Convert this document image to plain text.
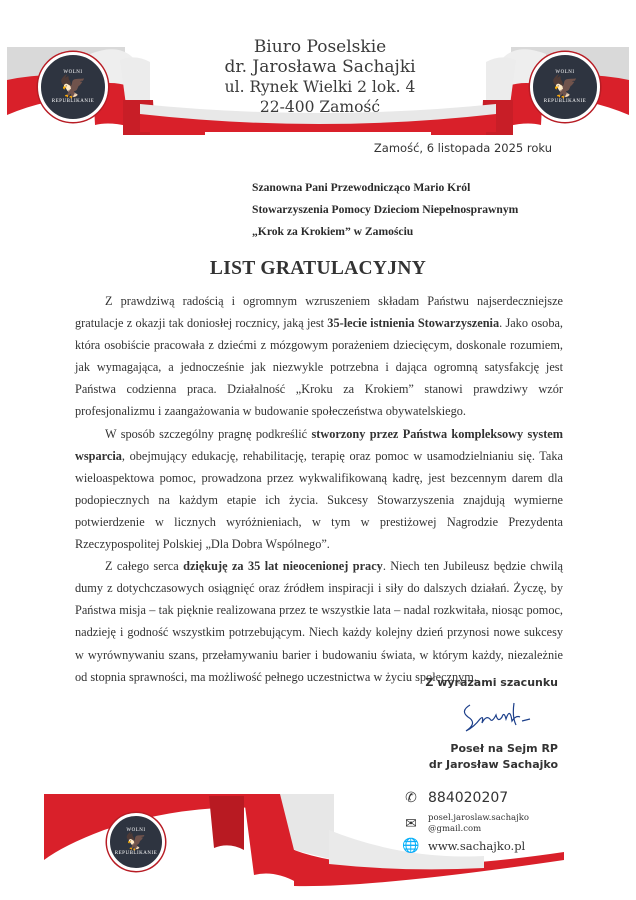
WOLNI
🦅
REPUBLIKANIE
WOLNI
🦅
REPUBLIKANIE
Biuro Poselskie
dr. Jarosława Sachajki
ul. Rynek Wielki 2 lok. 4
22-400 Zamość
Zamość, 6 listopada 2025 roku
Szanowna Pani Przewodnicząco Mario Król
Stowarzyszenia Pomocy Dzieciom Niepełnosprawnym
„Krok za Krokiem” w Zamościu
LIST GRATULACYJNY

Z prawdziwą radością i ogromnym wzruszeniem składam Państwu najserdeczniejsze gratulacje z okazji tak doniosłej rocznicy, jaką jest 35-lecie istnienia Stowarzyszenia. Jako osoba, która osobiście pracowała z dziećmi z mózgowym porażeniem dziecięcym, doskonale rozumiem, jak wymagająca, a jednocześnie jak niezwykle potrzebna i dająca ogromną satysfakcję jest Państwa codzienna praca. Działalność „Kroku za Krokiem” stanowi prawdziwy wzór profesjonalizmu i zaangażowania w budowanie społeczeństwa obywatelskiego.

W sposób szczególny pragnę podkreślić stworzony przez Państwa kompleksowy system wsparcia, obejmujący edukację, rehabilitację, terapię oraz pomoc w usamodzielnianiu się. Taka wieloaspektowa pomoc, prowadzona przez wykwalifikowaną kadrę, jest bezcennym darem dla podopiecznych na każdym etapie ich życia. Sukcesy Stowarzyszenia znajdują wymierne potwierdzenie w licznych wyróżnieniach, w tym w prestiżowej Nagrodzie Prezydenta Rzeczypospolitej Polskiej „Dla Dobra Wspólnego”.

Z całego serca dziękuję za 35 lat nieocenionej pracy. Niech ten Jubileusz będzie chwilą dumy z dotychczasowych osiągnięć oraz źródłem inspiracji i siły do dalszych działań. Życzę, by Państwa misja – tak pięknie realizowana przez te wszystkie lata – nadal rozkwitała, niosąc pomoc, nadzieję i godność wszystkim potrzebującym. Niech każdy kolejny dzień przynosi nowe sukcesy w wyrównywaniu szans, przełamywaniu barier i budowaniu świata, w którym każdy, niezależnie od stopnia sprawności, ma możliwość pełnego uczestnictwa w życiu społecznym.

Z wyrazami szacunku
Poseł na Sejm RP
dr Jarosław Sachajko
WOLNI
🦅
REPUBLIKANIE
✆ 884020207
✉	posel.jaroslaw.sachajko
@gmail.com
🌐 www.sachajko.pl
